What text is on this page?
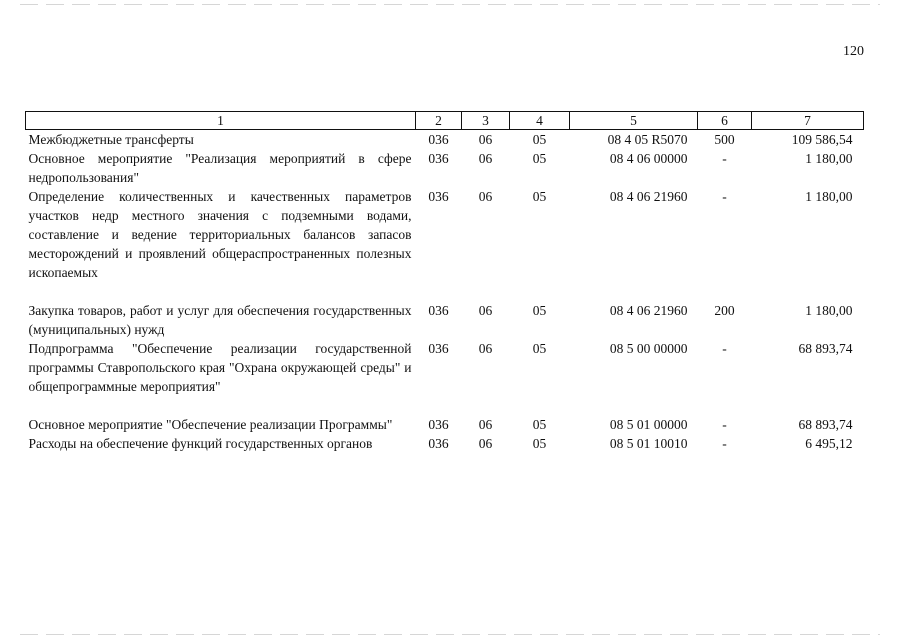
120
1	2	3	4	5	6	7
Межбюджетные трансферты	036	06	05	08 4 05 R5070	500	109 586,54
Основное мероприятие "Реализация мероприятий в сфере недропользования"	036	06	05	08 4 06 00000	-	1 180,00
Определение количественных и качественных параметров участков недр местного значения с подземными водами, составление и ведение территориальных балансов запасов месторождений и проявлений общераспространенных полезных ископаемых	036	06	05	08 4 06 21960	-	1 180,00
Закупка товаров, работ и услуг для обеспечения государственных (муниципальных) нужд	036	06	05	08 4 06 21960	200	1 180,00
Подпрограмма "Обеспечение реализации государственной программы Ставропольского края "Охрана окружающей среды" и общепрограммные мероприятия"	036	06	05	08 5 00 00000	-	68 893,74
Основное мероприятие "Обеспечение реализации Программы"	036	06	05	08 5 01 00000	-	68 893,74
Расходы на обеспечение функций государственных органов	036	06	05	08 5 01 10010	-	6 495,12
